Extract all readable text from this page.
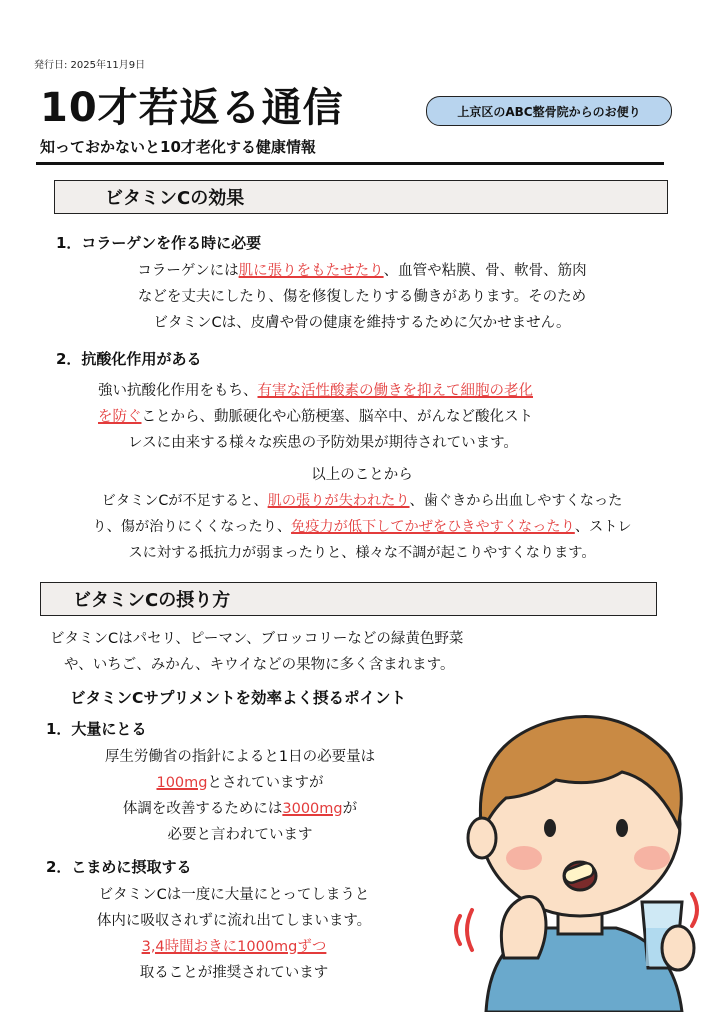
発行日: 2025年11月9日
10才若返る通信
知っておかないと10才老化する健康情報
上京区のABC整骨院からのお便り
ビタミンCの効果
1．コラーゲンを作る時に必要
コラーゲンには肌に張りをもたせたり、血管や粘膜、骨、軟骨、筋肉
などを丈夫にしたり、傷を修復したりする働きがあります。そのため
ビタミンCは、皮膚や骨の健康を維持するために欠かせません。
2．抗酸化作用がある
強い抗酸化作用をもち、有害な活性酸素の働きを抑えて細胞の老化
を防ぐことから、動脈硬化や心筋梗塞、脳卒中、がんなど酸化スト
レスに由来する様々な疾患の予防効果が期待されています。
以上のことから
ビタミンCが不足すると、肌の張りが失われたり、歯ぐきから出血しやすくなった
り、傷が治りにくくなったり、免疫力が低下してかぜをひきやすくなったり、ストレ
スに対する抵抗力が弱まったりと、様々な不調が起こりやすくなります。
ビタミンCの摂り方
ビタミンCはパセリ、ピーマン、ブロッコリーなどの緑黄色野菜
や、いちご、みかん、キウイなどの果物に多く含まれます。
ビタミンCサプリメントを効率よく摂るポイント
1．大量にとる
厚生労働省の指針によると1日の必要量は
100mgとされていますが
体調を改善するためには3000mgが
必要と言われています
2．こまめに摂取する
ビタミンCは一度に大量にとってしまうと
体内に吸収されずに流れ出てしまいます。
3,4時間おきに1000mgずつ
取ることが推奨されています
